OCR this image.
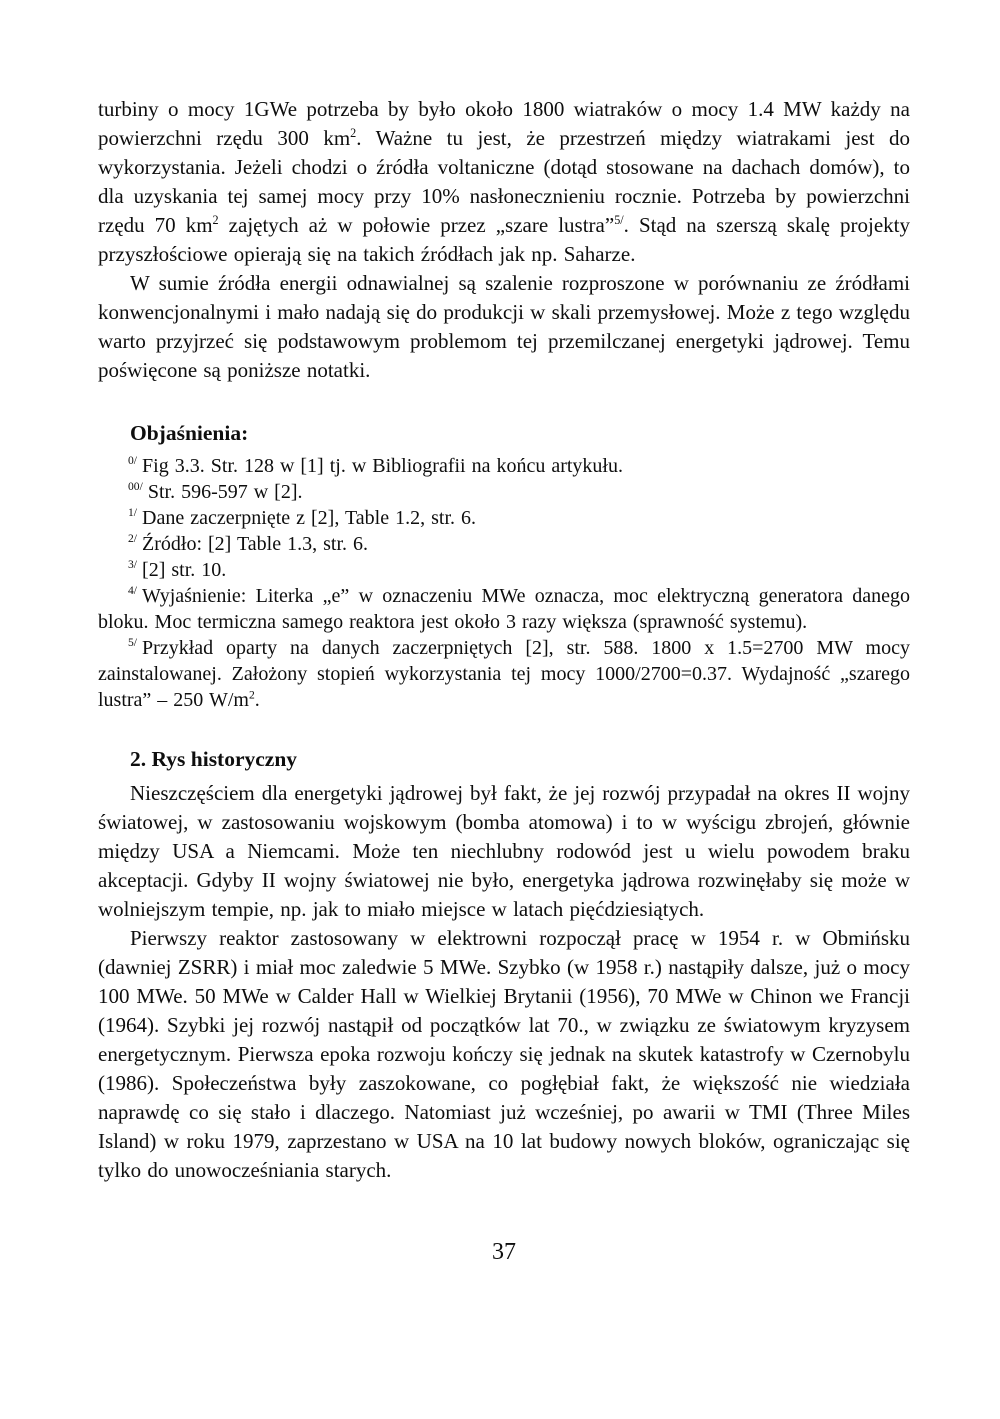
turbiny o mocy 1GWe potrzeba by było około 1800 wiatraków o mocy 1.4 MW każdy na powierzchni rzędu 300 $km^2$. Ważne tu jest, że przestrzeń między wiatrakami jest do wykorzystania. Jeżeli chodzi o źródła voltaniczne (dotąd stosowane na dachach domów), to dla uzyskania tej samej mocy przy 10% nasłonecznieniu rocznie. Potrzeba by powierzchni rzędu 70 $km^2$ zajętych aż w połowie przez „szare lustra”$^{5/}$. Stąd na szerszą skalę projekty przyszłościowe opierają się na takich źródłach jak np. Saharze.

W sumie źródła energii odnawialnej są szalenie rozproszone w porównaniu ze źródłami konwencjonalnymi i mało nadają się do produkcji w skali przemysłowej. Może z tego względu warto przyjrzeć się podstawowym problemom tej przemilczanej energetyki jądrowej. Temu poświęcone są poniższe notatki.

Objaśnienia:

$^{0/}$ Fig 3.3. Str. 128 w [1] tj. w Bibliografii na końcu artykułu.

$^{00/}$ Str. 596-597 w [2].

$^{1/}$ Dane zaczerpnięte z [2], Table 1.2, str. 6.

$^{2/}$ Źródło: [2] Table 1.3, str. 6.

$^{3/}$ [2] str. 10.

$^{4/}$ Wyjaśnienie: Literka „e” w oznaczeniu MWe oznacza, moc elektryczną generatora danego bloku. Moc termiczna samego reaktora jest około 3 razy większa (sprawność systemu).

$^{5/}$ Przykład oparty na danych zaczerpniętych [2], str. 588. 1800 x 1.5=2700 MW mocy zainstalowanej. Założony stopień wykorzystania tej mocy 1000/2700=0.37. Wydajność „szarego lustra” – 250 $W/m^2$.

2. Rys historyczny

Nieszczęściem dla energetyki jądrowej był fakt, że jej rozwój przypadał na okres II wojny światowej, w zastosowaniu wojskowym (bomba atomowa) i to w wyścigu zbrojeń, głównie między USA a Niemcami. Może ten niechlubny rodowód jest u wielu powodem braku akceptacji. Gdyby II wojny światowej nie było, energetyka jądrowa rozwinęłaby się może w wolniejszym tempie, np. jak to miało miejsce w latach pięćdziesiątych.

Pierwszy reaktor zastosowany w elektrowni rozpoczął pracę w 1954 r. w Obmińsku (dawniej ZSRR) i miał moc zaledwie 5 MWe. Szybko (w 1958 r.) nastąpiły dalsze, już o mocy 100 MWe. 50 MWe w Calder Hall w Wielkiej Brytanii (1956), 70 MWe w Chinon we Francji (1964). Szybki jej rozwój nastąpił od początków lat 70., w związku ze światowym kryzysem energetycznym. Pierwsza epoka rozwoju kończy się jednak na skutek katastrofy w Czernobylu (1986). Społeczeństwa były zaszokowane, co pogłębiał fakt, że większość nie wiedziała naprawdę co się stało i dlaczego. Natomiast już wcześniej, po awarii w TMI (Three Miles Island) w roku 1979, zaprzestano w USA na 10 lat budowy nowych bloków, ograniczając się tylko do unowocześniania starych.

37
